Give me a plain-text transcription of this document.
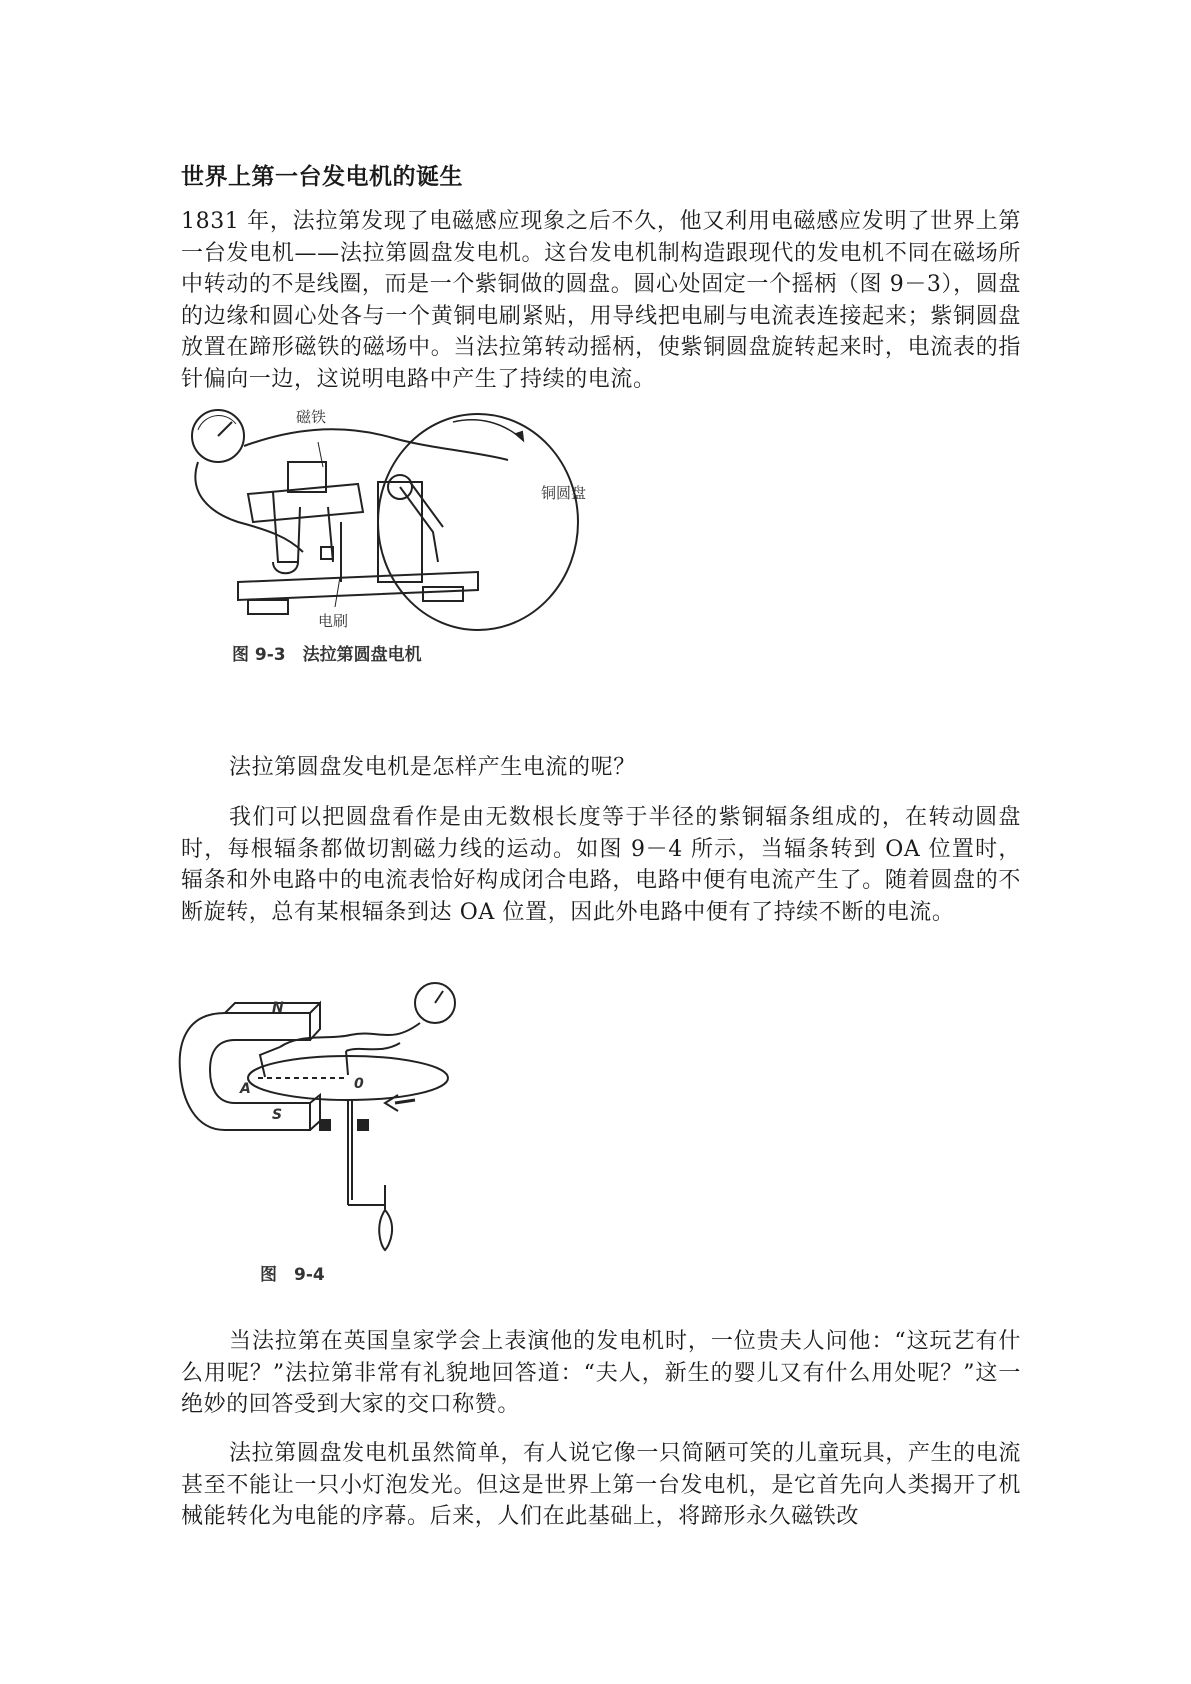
世界上第一台发电机的诞生

1831 年，法拉第发现了电磁感应现象之后不久，他又利用电磁感应发明了世界上第一台发电机——法拉第圆盘发电机。这台发电机制构造跟现代的发电机不同在磁场所中转动的不是线圈，而是一个紫铜做的圆盘。圆心处固定一个摇柄（图 9－3），圆盘的边缘和圆心处各与一个黄铜电刷紧贴，用导线把电刷与电流表连接起来；紫铜圆盘放置在蹄形磁铁的磁场中。当法拉第转动摇柄，使紫铜圆盘旋转起来时，电流表的指针偏向一边，这说明电路中产生了持续的电流。

磁铁
铜圆盘
电刷
图 9-3　法拉第圆盘电机

法拉第圆盘发电机是怎样产生电流的呢？

我们可以把圆盘看作是由无数根长度等于半径的紫铜辐条组成的，在转动圆盘时，每根辐条都做切割磁力线的运动。如图 9－4 所示，当辐条转到 OA 位置时，辐条和外电路中的电流表恰好构成闭合电路，电路中便有电流产生了。随着圆盘的不断旋转，总有某根辐条到达 OA 位置，因此外电路中便有了持续不断的电流。

N
S
A	0
图　9-4

当法拉第在英国皇家学会上表演他的发电机时，一位贵夫人问他：“这玩艺有什么用呢？”法拉第非常有礼貌地回答道：“夫人，新生的婴儿又有什么用处呢？”这一绝妙的回答受到大家的交口称赞。

法拉第圆盘发电机虽然简单，有人说它像一只简陋可笑的儿童玩具，产生的电流甚至不能让一只小灯泡发光。但这是世界上第一台发电机，是它首先向人类揭开了机械能转化为电能的序幕。后来，人们在此基础上，将蹄形永久磁铁改
